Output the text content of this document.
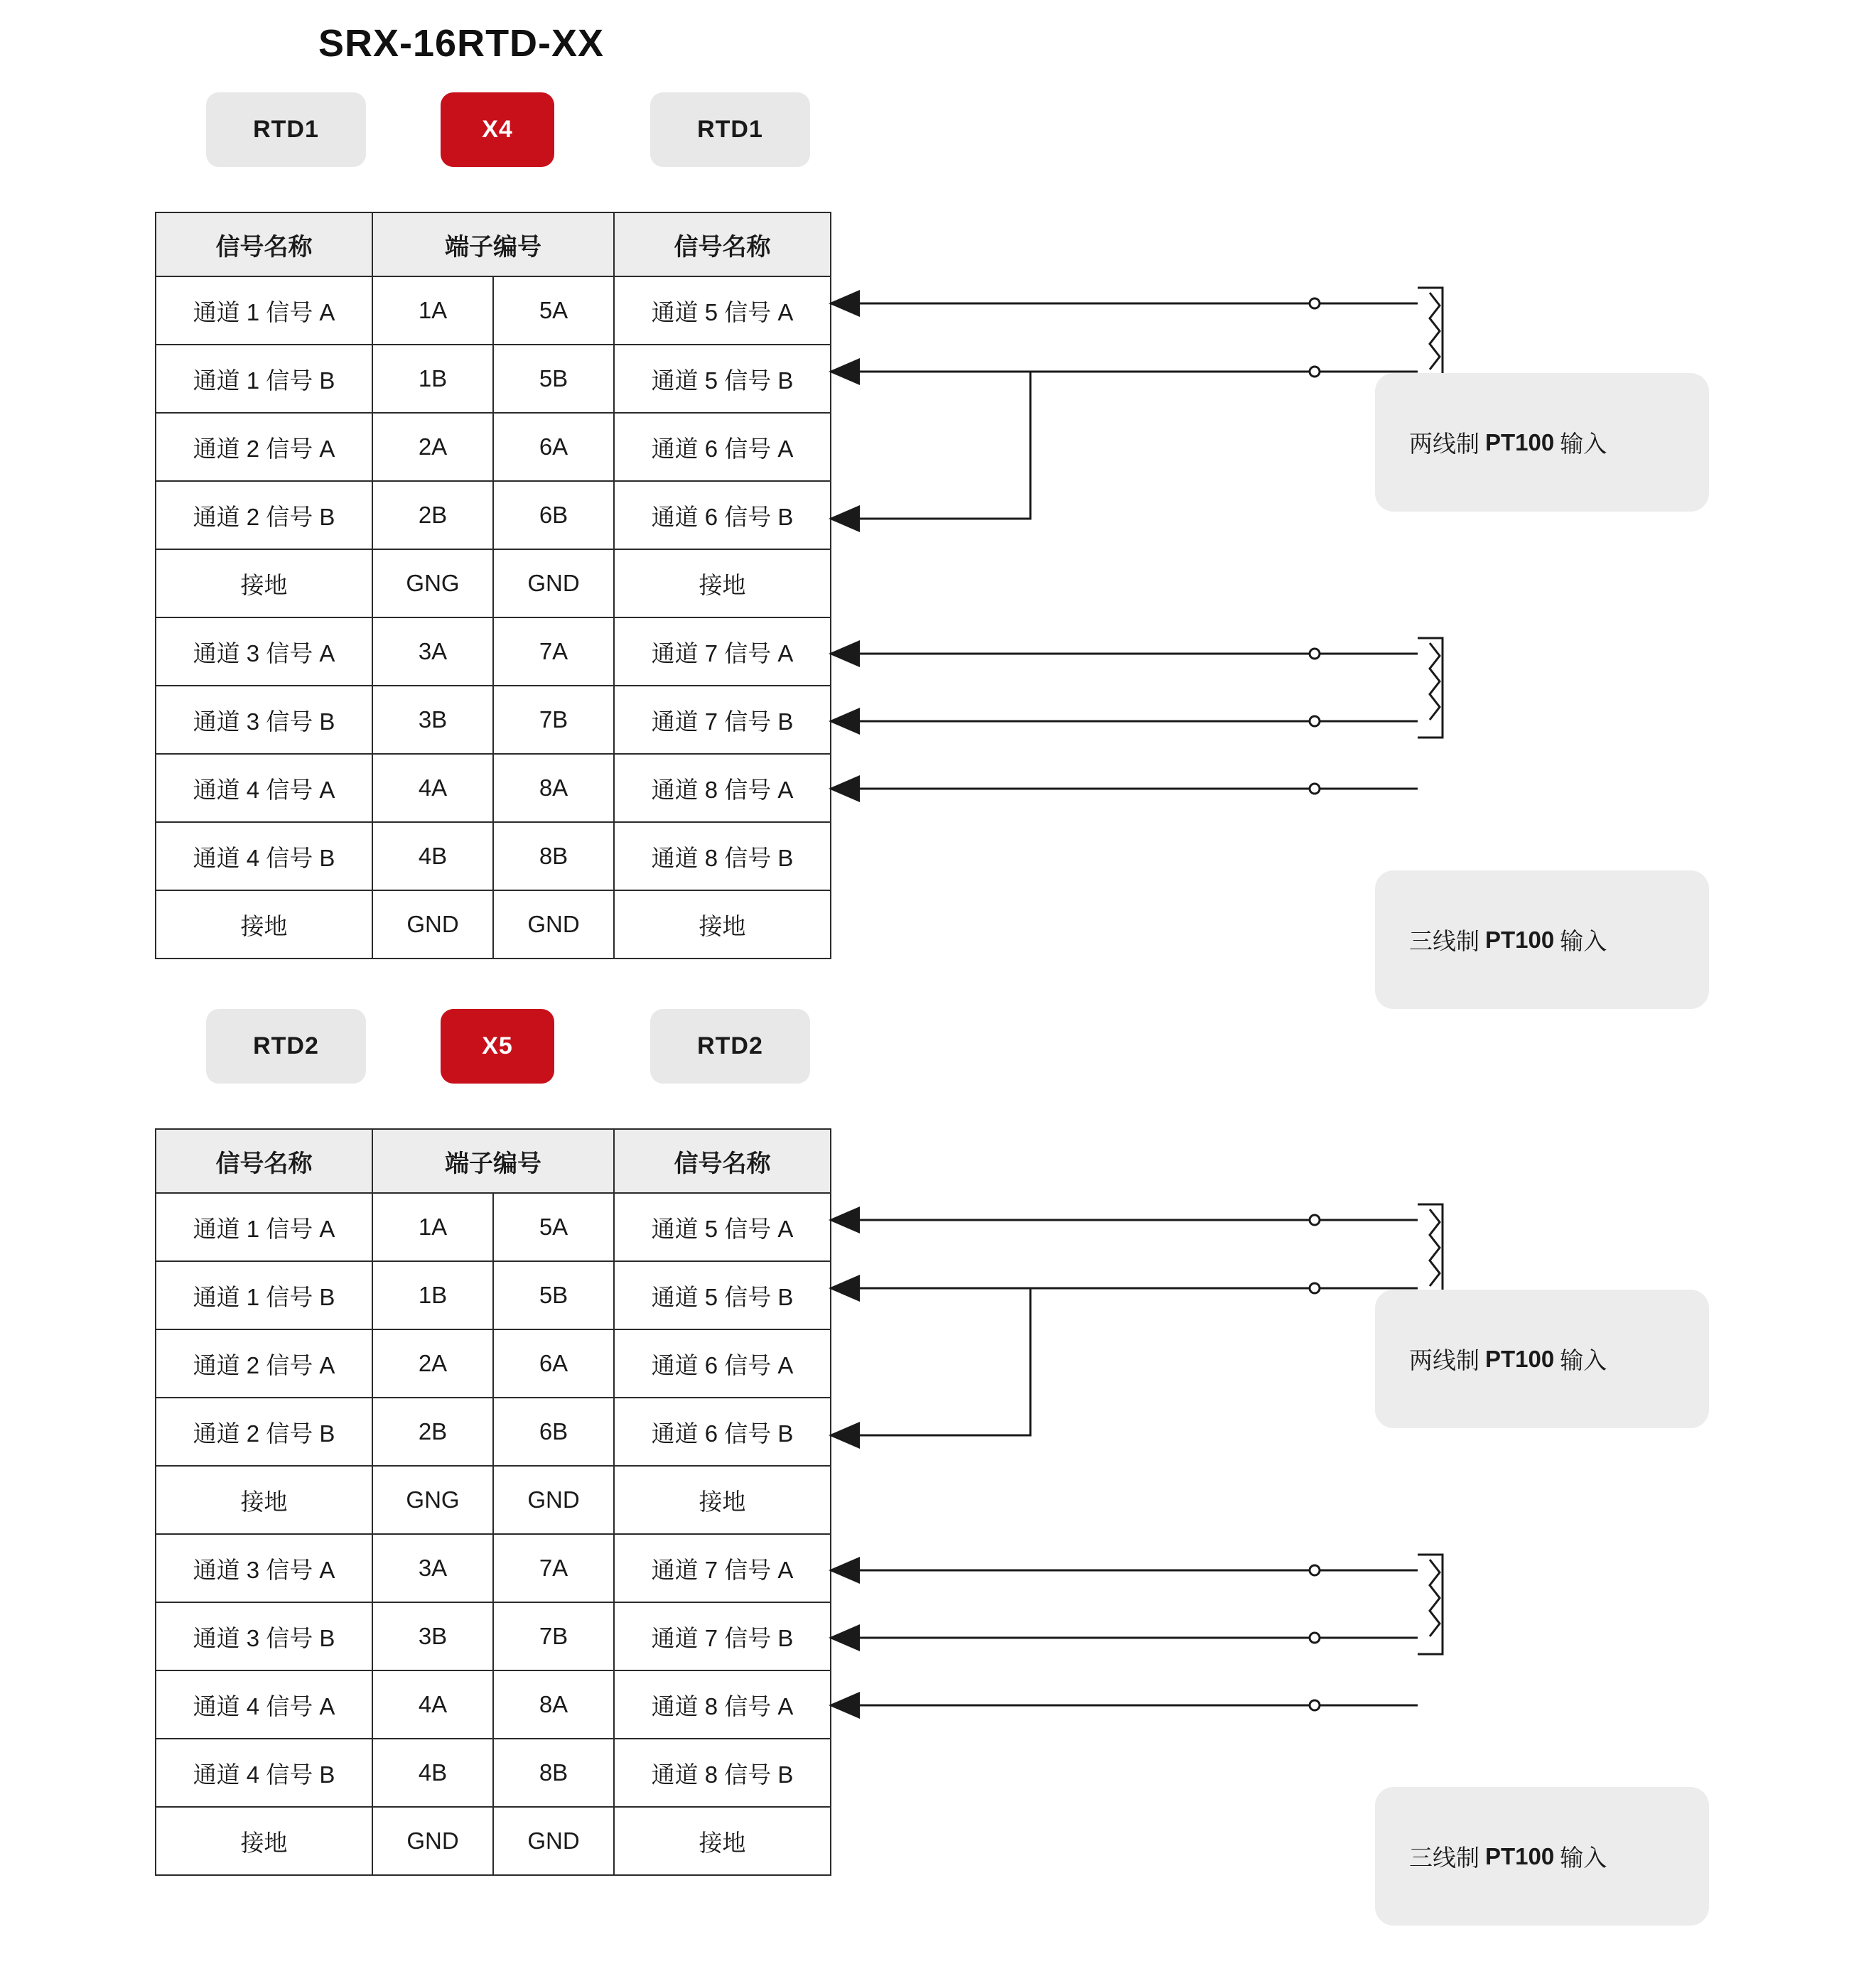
SRX-16RTD-XX
RTD1	X4	RTD1
信号名称	端子编号		信号名称
通道 1 信号 A	1A	5A	通道 5 信号 A
通道 1 信号 B	1B	5B	通道 5 信号 B
通道 2 信号 A	2A	6A	通道 6 信号 A
通道 2 信号 B	2B	6B	通道 6 信号 B
接地	GNG	GND	接地
通道 3 信号 A	3A	7A	通道 7 信号 A
通道 3 信号 B	3B	7B	通道 7 信号 B
通道 4 信号 A	4A	8A	通道 8 信号 A
通道 4 信号 B	4B	8B	通道 8 信号 B
接地	GND	GND	接地
两线制 PT100 输入
三线制 PT100 输入
RTD2	X5	RTD2
信号名称	端子编号		信号名称
通道 1 信号 A	1A	5A	通道 5 信号 A
通道 1 信号 B	1B	5B	通道 5 信号 B
通道 2 信号 A	2A	6A	通道 6 信号 A
通道 2 信号 B	2B	6B	通道 6 信号 B
接地	GNG	GND	接地
通道 3 信号 A	3A	7A	通道 7 信号 A
通道 3 信号 B	3B	7B	通道 7 信号 B
通道 4 信号 A	4A	8A	通道 8 信号 A
通道 4 信号 B	4B	8B	通道 8 信号 B
接地	GND	GND	接地
两线制 PT100 输入
三线制 PT100 输入
